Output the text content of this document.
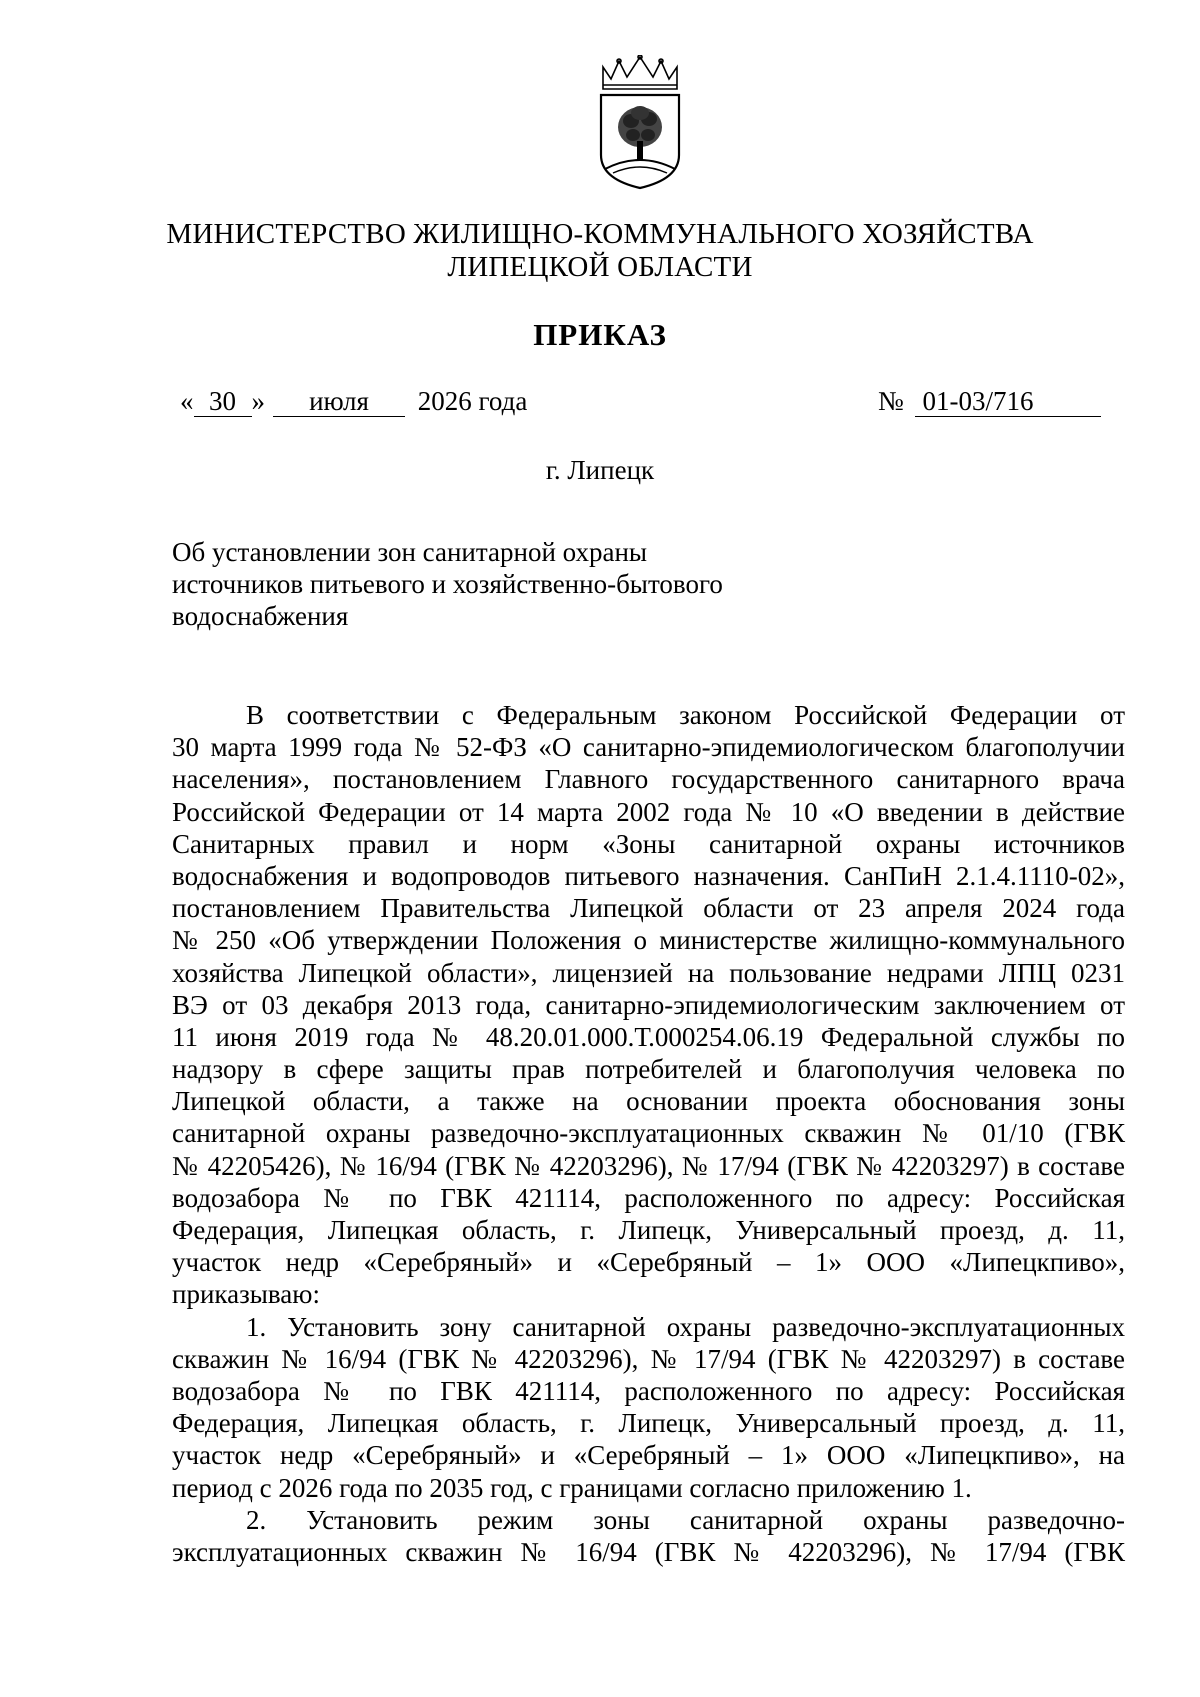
МИНИСТЕРСТВО ЖИЛИЩНО-КОММУНАЛЬНОГО ХОЗЯЙСТВА
ЛИПЕЦКОЙ ОБЛАСТИ
ПРИКАЗ
« 30 » июля 2026 года	№ 01-03/716
г. Липецк
Об установлении зон санитарной охраны
источников питьевого и хозяйственно-бытового
водоснабжения
В соответствии с Федеральным законом Российской Федерации от
30 марта 1999 года № 52-ФЗ «О санитарно-эпидемиологическом благополучии
населения», постановлением Главного государственного санитарного врача
Российской Федерации от 14 марта 2002 года № 10 «О введении в действие
Санитарных правил и норм «Зоны санитарной охраны источников
водоснабжения и водопроводов питьевого назначения. СанПиН 2.1.4.1110-02»,
постановлением Правительства Липецкой области от 23 апреля 2024 года
№ 250 «Об утверждении Положения о министерстве жилищно-коммунального
хозяйства Липецкой области», лицензией на пользование недрами ЛПЦ 0231
ВЭ от 03 декабря 2013 года, санитарно-эпидемиологическим заключением от
11 июня 2019 года № 48.20.01.000.Т.000254.06.19 Федеральной службы по
надзору в сфере защиты прав потребителей и благополучия человека по
Липецкой области, а также на основании проекта обоснования зоны
санитарной охраны разведочно-эксплуатационных скважин № 01/10 (ГВК
№ 42205426), № 16/94 (ГВК № 42203296), № 17/94 (ГВК № 42203297) в составе
водозабора № по ГВК 421114, расположенного по адресу: Российская
Федерация, Липецкая область, г. Липецк, Универсальный проезд, д. 11,
участок недр «Серебряный» и «Серебряный – 1» ООО «Липецкпиво»,
приказываю:
1. Установить зону санитарной охраны разведочно-эксплуатационных
скважин № 16/94 (ГВК № 42203296), № 17/94 (ГВК № 42203297) в составе
водозабора № по ГВК 421114, расположенного по адресу: Российская
Федерация, Липецкая область, г. Липецк, Универсальный проезд, д. 11,
участок недр «Серебряный» и «Серебряный – 1» ООО «Липецкпиво», на
период с 2026 года по 2035 год, с границами согласно приложению 1.
2. Установить режим зоны санитарной охраны разведочно-
эксплуатационных скважин № 16/94 (ГВК № 42203296), № 17/94 (ГВК
